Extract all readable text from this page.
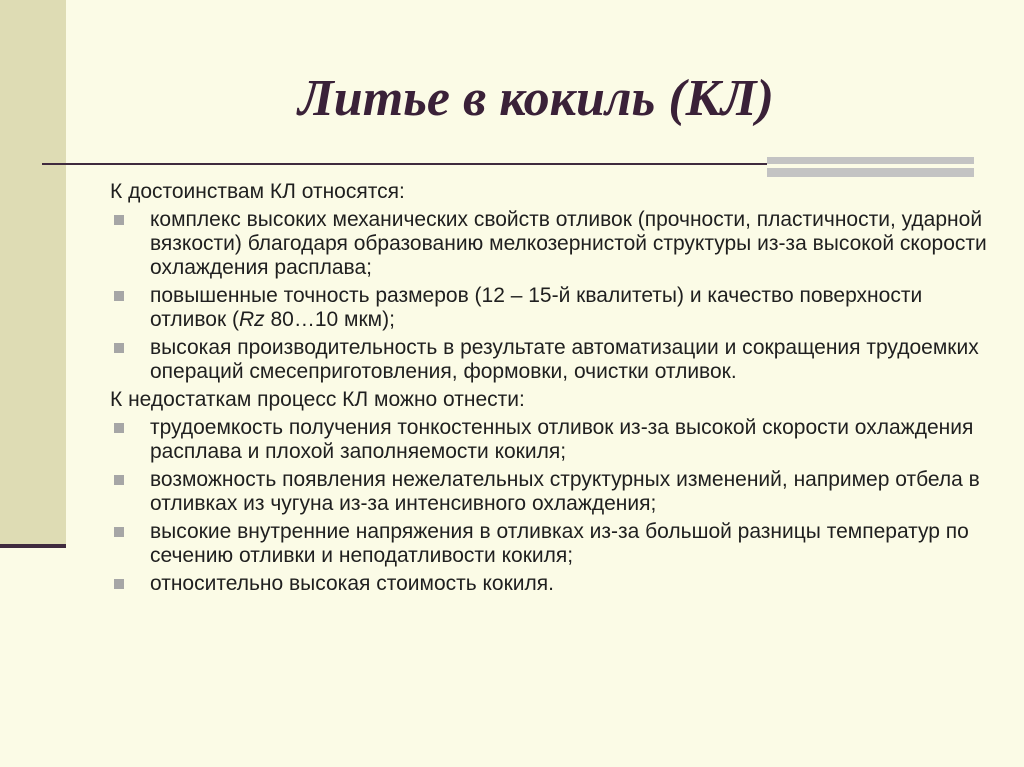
Литье в кокиль (КЛ)
К достоинствам КЛ относятся:
комплекс высоких механических свойств отливок (прочности, пластичности, ударной вязкости) благодаря образованию мелкозернистой структуры из-за высокой скорости охлаждения расплава;
повышенные точность размеров (12 – 15-й квалитеты) и качество поверхности отливок (Rz 80…10 мкм);
высокая производительность в результате автоматизации и сокращения трудоемких операций смесеприготовления, формовки, очистки отливок.
К недостаткам процесс КЛ можно отнести:
трудоемкость получения тонкостенных отливок из-за высокой скорости охлаждения расплава и плохой заполняемости кокиля;
возможность появления нежелательных структурных изменений, например отбела в отливках из чугуна из-за интенсивного охлаждения;
высокие внутренние напряжения в отливках из-за большой разницы температур по сечению отливки и неподатливости кокиля;
относительно высокая стоимость кокиля.
